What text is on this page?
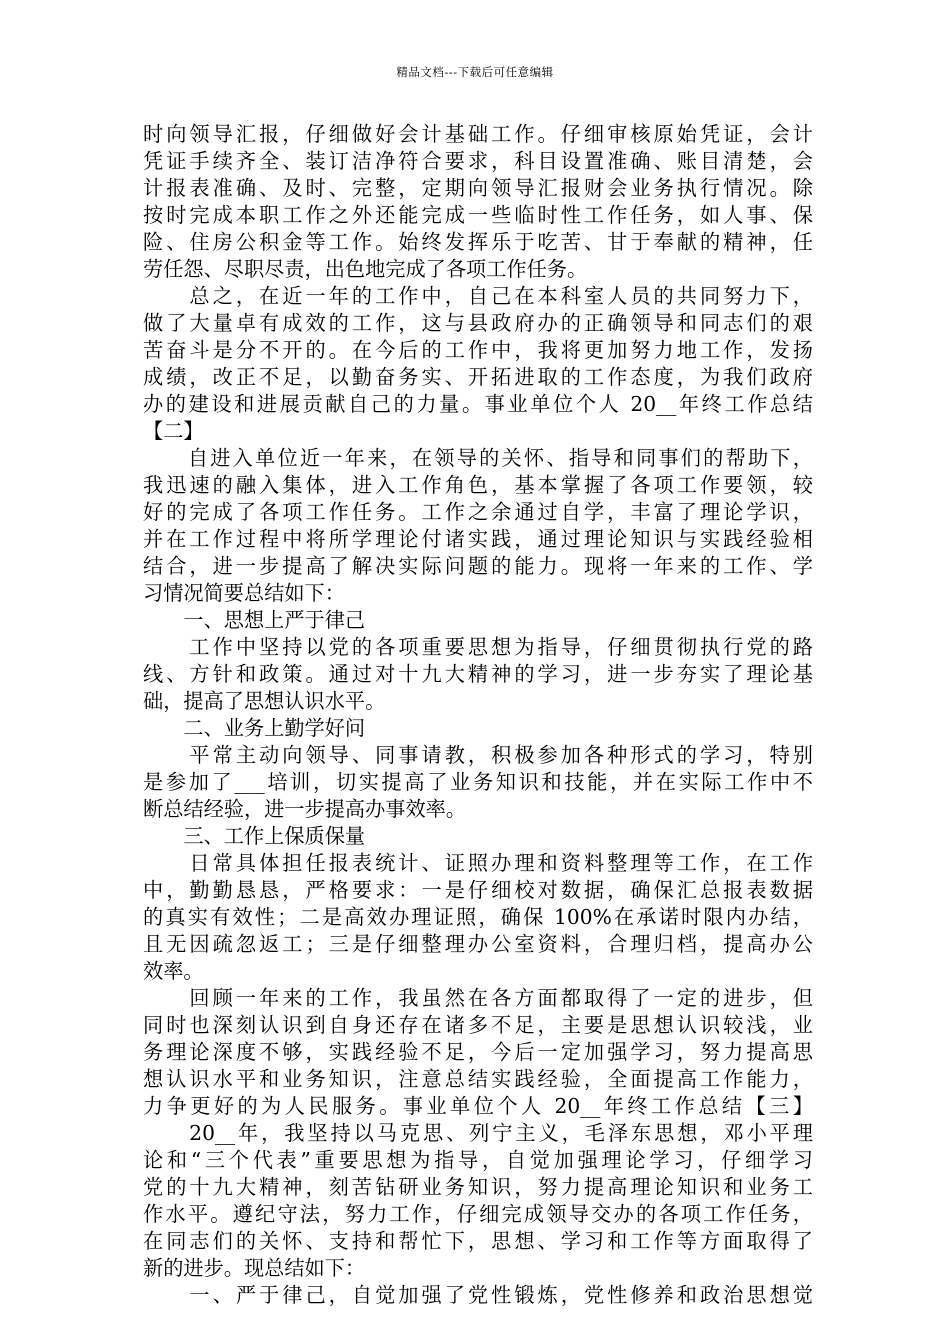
精品文档---下载后可任意编辑
时向领导汇报，仔细做好会计基础工作。仔细审核原始凭证，会计
凭证手续齐全、装订洁净符合要求，科目设置准确、账目清楚，会
计报表准确、及时、完整，定期向领导汇报财会业务执行情况。除
按时完成本职工作之外还能完成一些临时性工作任务，如人事、保
险、住房公积金等工作。始终发挥乐于吃苦、甘于奉献的精神，任
劳任怨、尽职尽责，出色地完成了各项工作任务。
　　总之，在近一年的工作中，自己在本科室人员的共同努力下，
做了大量卓有成效的工作，这与县政府办的正确领导和同志们的艰
苦奋斗是分不开的。在今后的工作中，我将更加努力地工作，发扬
成绩，改正不足，以勤奋务实、开拓进取的工作态度，为我们政府
办的建设和进展贡献自己的力量。事业单位个人 20__年终工作总结
【二】
　　自进入单位近一年来，在领导的关怀、指导和同事们的帮助下，
我迅速的融入集体，进入工作角色，基本掌握了各项工作要领，较
好的完成了各项工作任务。工作之余通过自学，丰富了理论学识，
并在工作过程中将所学理论付诸实践，通过理论知识与实践经验相
结合，进一步提高了解决实际问题的能力。现将一年来的工作、学
习情况简要总结如下：
　　一、思想上严于律己
　　工作中坚持以党的各项重要思想为指导，仔细贯彻执行党的路
线、方针和政策。通过对十九大精神的学习，进一步夯实了理论基
础，提高了思想认识水平。
　　二、业务上勤学好问
　　平常主动向领导、同事请教，积极参加各种形式的学习，特别
是参加了___培训，切实提高了业务知识和技能，并在实际工作中不
断总结经验，进一步提高办事效率。
　　三、工作上保质保量
　　日常具体担任报表统计、证照办理和资料整理等工作，在工作
中，勤勤恳恳，严格要求：一是仔细校对数据，确保汇总报表数据
的真实有效性；二是高效办理证照，确保 100%在承诺时限内办结，
且无因疏忽返工；三是仔细整理办公室资料，合理归档，提高办公
效率。
　　回顾一年来的工作，我虽然在各方面都取得了一定的进步，但
同时也深刻认识到自身还存在诸多不足，主要是思想认识较浅，业
务理论深度不够，实践经验不足，今后一定加强学习，努力提高思
想认识水平和业务知识，注意总结实践经验，全面提高工作能力，
力争更好的为人民服务。事业单位个人 20__年终工作总结【三】
　　20__年，我坚持以马克思、列宁主义，毛泽东思想，邓小平理
论和“三个代表”重要思想为指导，自觉加强理论学习，仔细学习
党的十九大精神，刻苦钻研业务知识，努力提高理论知识和业务工
作水平。遵纪守法，努力工作，仔细完成领导交办的各项工作任务，
在同志们的关怀、支持和帮忙下，思想、学习和工作等方面取得了
新的进步。现总结如下：
　　一、严于律己，自觉加强了党性锻炼，党性修养和政治思想觉
